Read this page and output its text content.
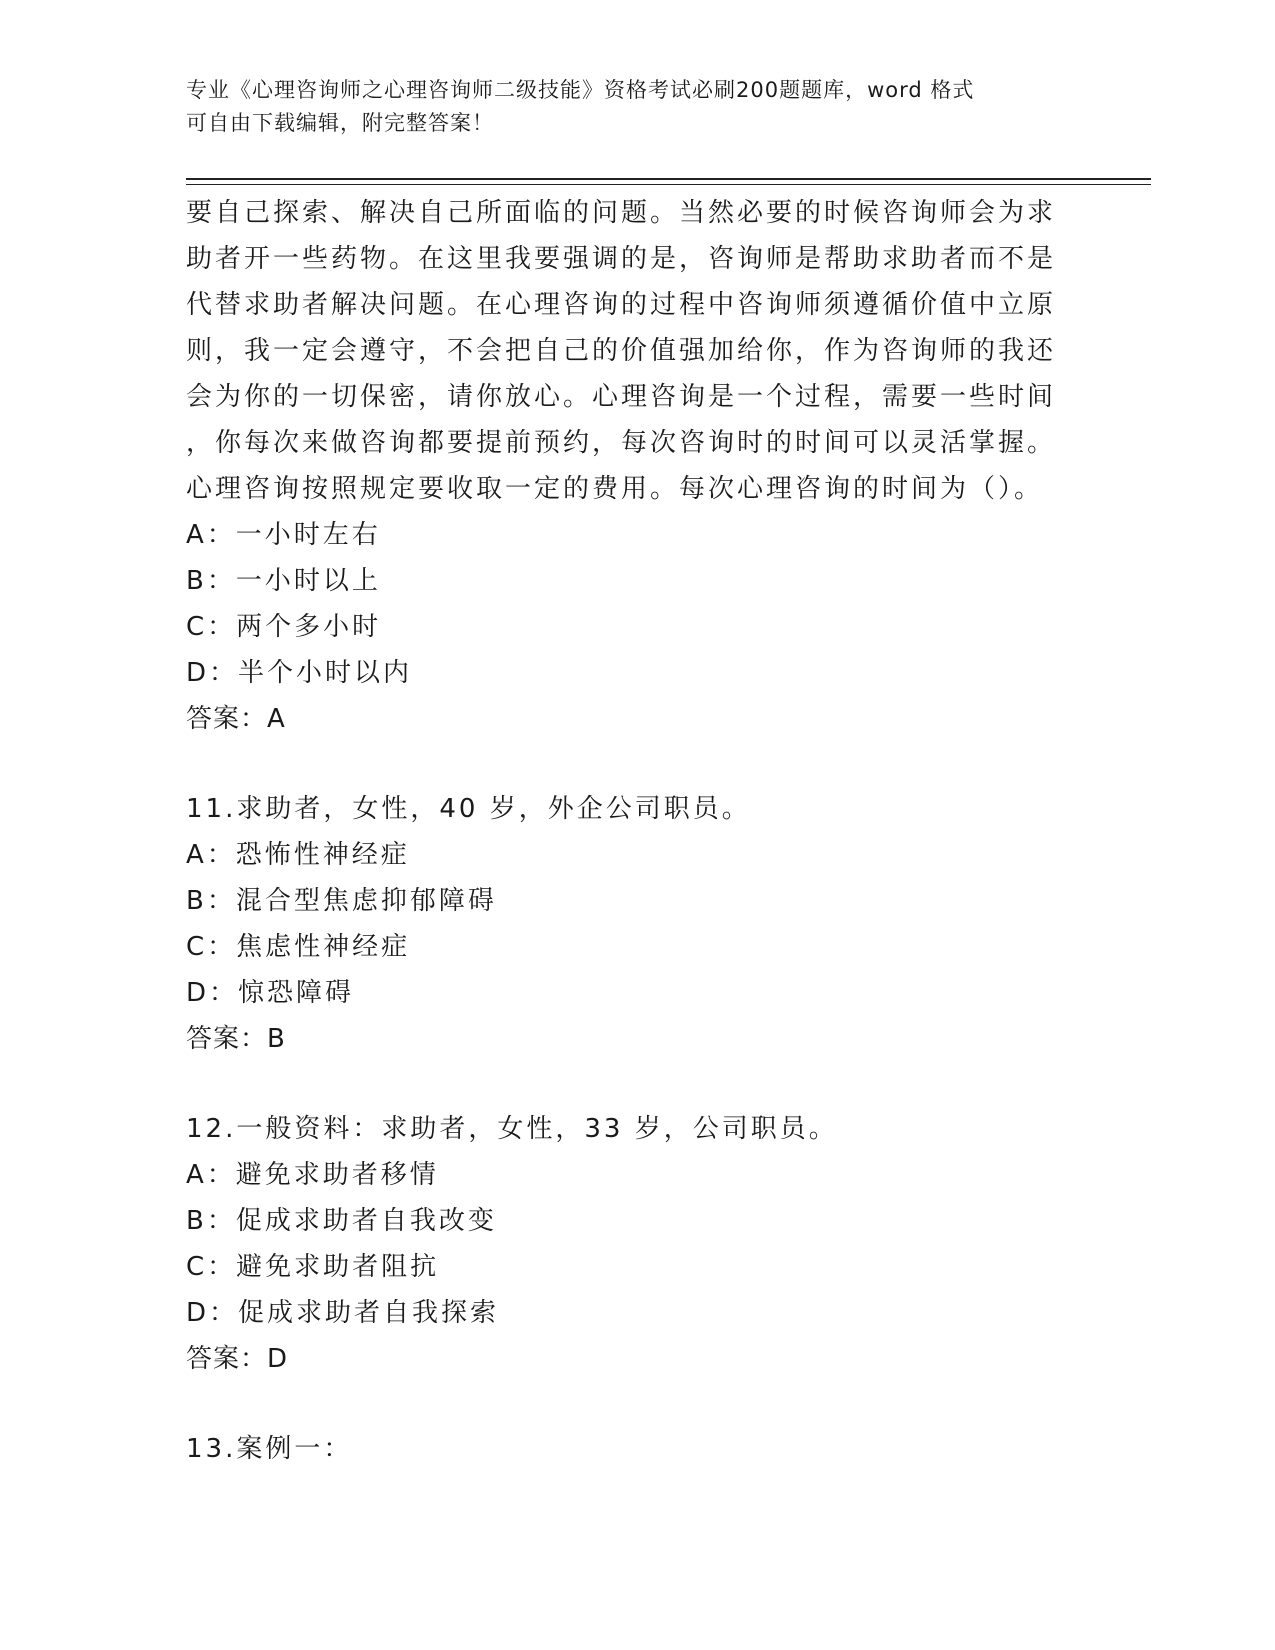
专业《心理咨询师之心理咨询师二级技能》资格考试必刷200题题库，word 格式
可自由下载编辑，附完整答案！
要自己探索、解决自己所面临的问题。当然必要的时候咨询师会为求
助者开一些药物。在这里我要强调的是，咨询师是帮助求助者而不是
代替求助者解决问题。在心理咨询的过程中咨询师须遵循价值中立原
则，我一定会遵守，不会把自己的价值强加给你，作为咨询师的我还
会为你的一切保密，请你放心。心理咨询是一个过程，需要一些时间
，你每次来做咨询都要提前预约，每次咨询时的时间可以灵活掌握。
心理咨询按照规定要收取一定的费用。每次心理咨询的时间为（）。
A：一小时左右
B：一小时以上
C：两个多小时
D：半个小时以内
答案：A
11.求助者，女性，40 岁，外企公司职员。
A：恐怖性神经症
B：混合型焦虑抑郁障碍
C：焦虑性神经症
D：惊恐障碍
答案：B
12.一般资料：求助者，女性，33 岁，公司职员。
A：避免求助者移情
B：促成求助者自我改变
C：避免求助者阻抗
D：促成求助者自我探索
答案：D
13.案例一：
